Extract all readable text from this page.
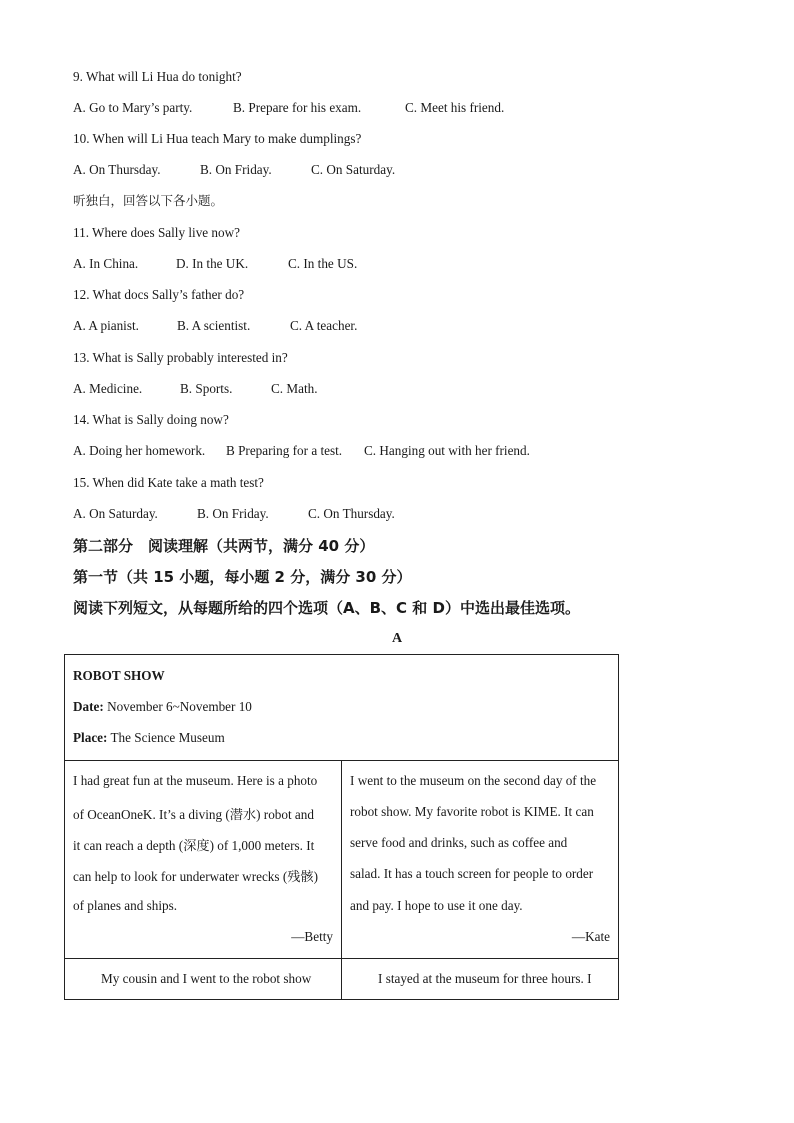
9. What will Li Hua do tonight?
A. Go to Mary’s party.	B. Prepare for his exam.	C. Meet his friend.
10. When will Li Hua teach Mary to make dumplings?
A. On Thursday.	B. On Friday.	C. On Saturday.
听独白，回答以下各小题。
11. Where does Sally live now?
A. In China.	D. In the UK.	C. In the US.
12. What docs Sally’s father do?
A. A pianist.	B. A scientist.	C. A teacher.
13. What is Sally probably interested in?
A. Medicine.	B. Sports.	C. Math.
14. What is Sally doing now?
A. Doing her homework. B Preparing for a test. C. Hanging out with her friend.
15. When did Kate take a math test?
A. On Saturday.	B. On Friday.	C. On Thursday.
第二部分　阅读理解（共两节，满分 40 分）
第一节（共 15 小题，每小题 2 分，满分 30 分）
阅读下列短文，从每题所给的四个选项（A、B、C 和 D）中选出最佳选项。
A
ROBOT SHOW
Date: November 6~November 10
Place: The Science Museum
I had great fun at the museum. Here is a photo
of OceanOneK. It’s a diving (潜水) robot and
it can reach a depth (深度) of 1,000 meters. It
can help to look for underwater wrecks (残骸)
of planes and ships.
—Betty
I went to the museum on the second day of the
robot show. My favorite robot is KIME. It can
serve food and drinks, such as coffee and
salad. It has a touch screen for people to order
and pay. I hope to use it one day.
—Kate
My cousin and I went to the robot show	I stayed at the museum for three hours. I
